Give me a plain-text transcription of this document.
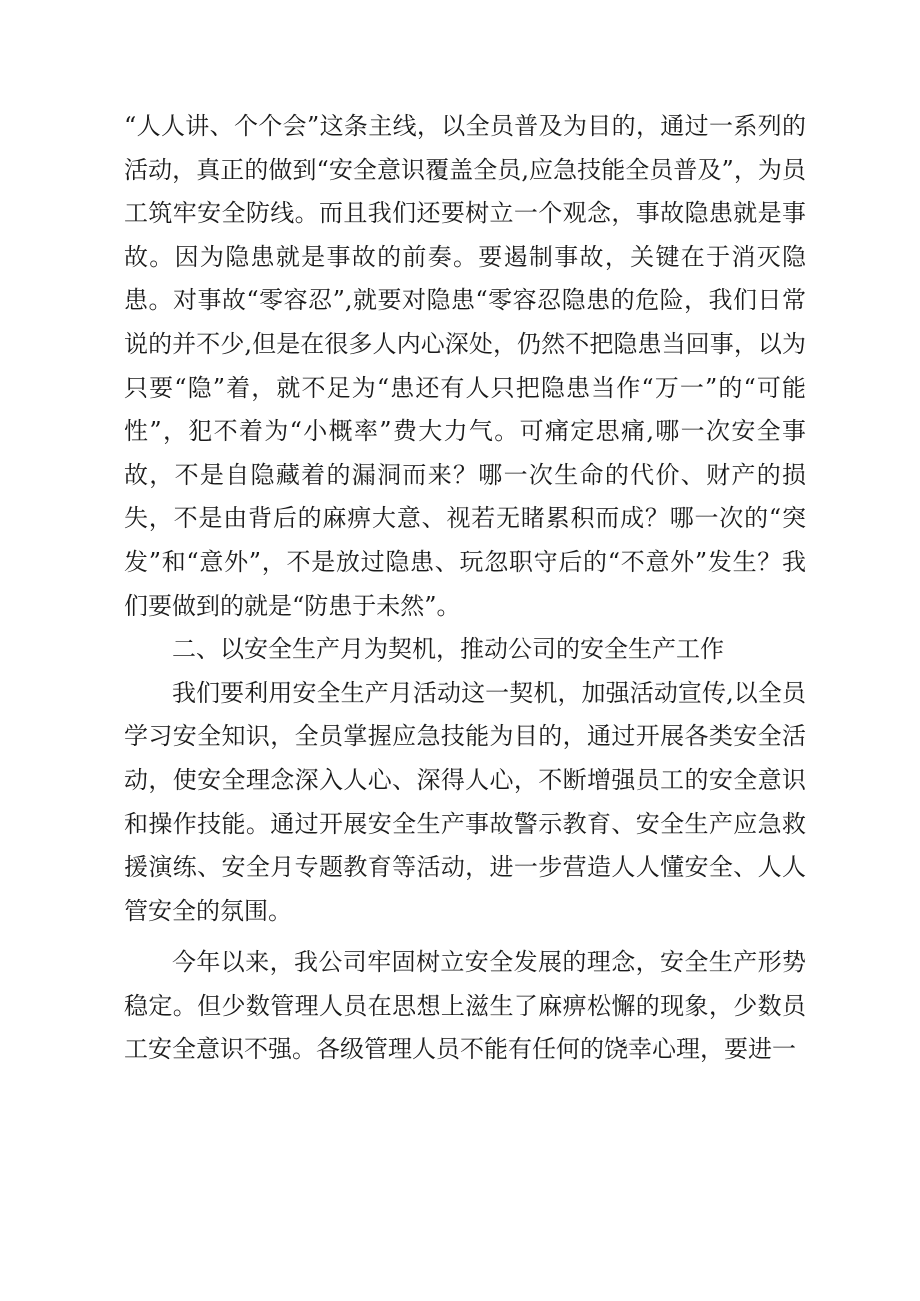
“人人讲、个个会”这条主线，以全员普及为目的，通过一系列的活动，真正的做到“安全意识覆盖全员,应急技能全员普及”，为员工筑牢安全防线。而且我们还要树立一个观念，事故隐患就是事故。因为隐患就是事故的前奏。要遏制事故，关键在于消灭隐患。对事故“零容忍”,就要对隐患“零容忍隐患的危险，我们日常说的并不少,但是在很多人内心深处，仍然不把隐患当回事，以为只要“隐”着，就不足为“患还有人只把隐患当作“万一”的“可能性”，犯不着为“小概率”费大力气。可痛定思痛,哪一次安全事故，不是自隐藏着的漏洞而来？哪一次生命的代价、财产的损失，不是由背后的麻痹大意、视若无睹累积而成？哪一次的“突发”和“意外”，不是放过隐患、玩忽职守后的“不意外”发生？我们要做到的就是“防患于未然”。

二、以安全生产月为契机，推动公司的安全生产工作

我们要利用安全生产月活动这一契机，加强活动宣传,以全员学习安全知识，全员掌握应急技能为目的，通过开展各类安全活动，使安全理念深入人心、深得人心，不断增强员工的安全意识和操作技能。通过开展安全生产事故警示教育、安全生产应急救援演练、安全月专题教育等活动，进一步营造人人懂安全、人人管安全的氛围。

今年以来，我公司牢固树立安全发展的理念，安全生产形势稳定。但少数管理人员在思想上滋生了麻痹松懈的现象，少数员工安全意识不强。各级管理人员不能有任何的饶幸心理，要进一
